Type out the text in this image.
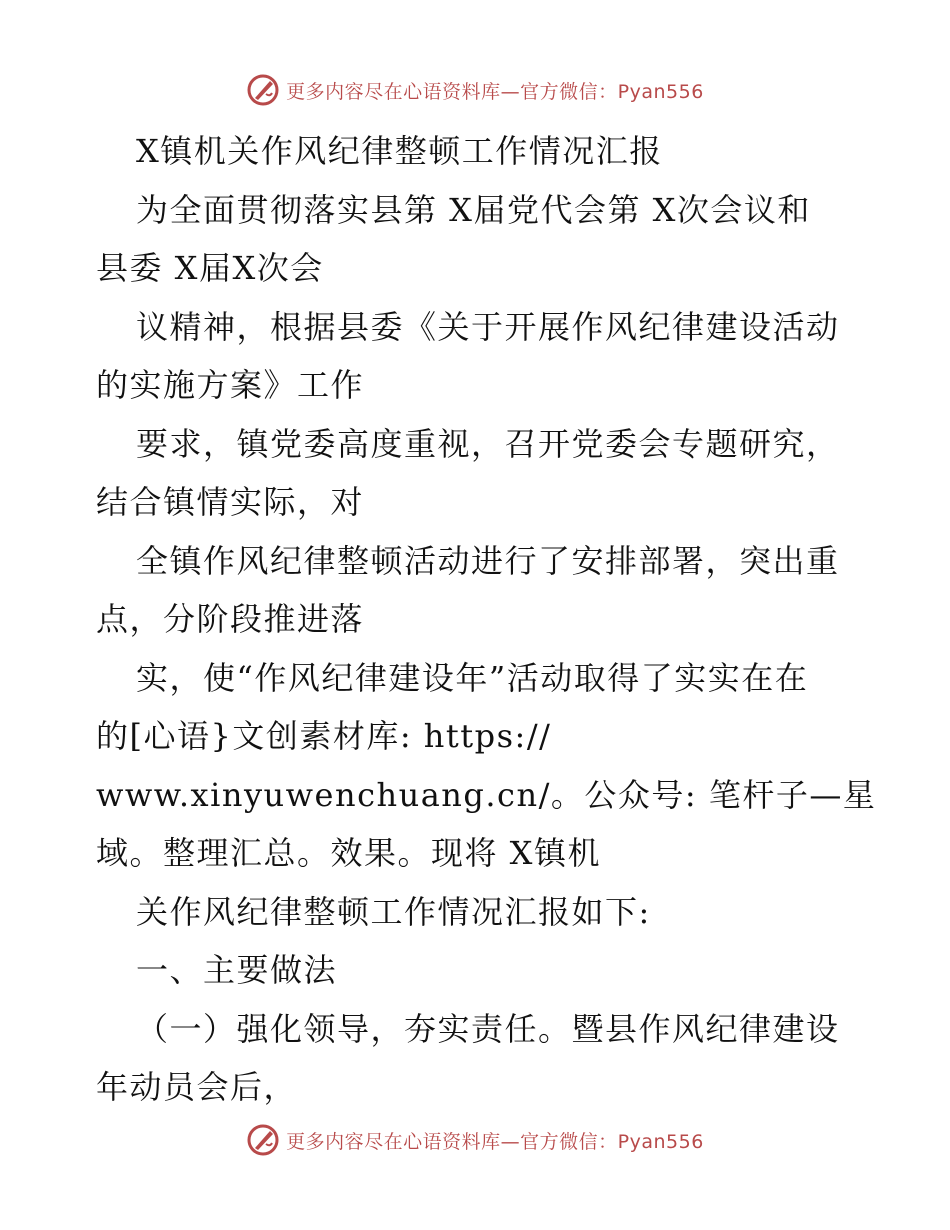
更多内容尽在心语资料库—官方微信：Pyan556
X镇机关作风纪律整顿工作情况汇报
为全面贯彻落实县第 X届党代会第 X次会议和
县委 X届X次会
议精神，根据县委《关于开展作风纪律建设活动
的实施方案》工作
要求，镇党委高度重视，召开党委会专题研究，
结合镇情实际，对
全镇作风纪律整顿活动进行了安排部署，突出重
点，分阶段推进落
实，使“作风纪律建设年”活动取得了实实在在
的[心语}文创素材库: https://
www.xinyuwenchuang.cn/。公众号: 笔杆子—星
域。整理汇总。效果。现将 X镇机
关作风纪律整顿工作情况汇报如下:
一、主要做法
（一）强化领导，夯实责任。暨县作风纪律建设
年动员会后，
更多内容尽在心语资料库—官方微信：Pyan556
